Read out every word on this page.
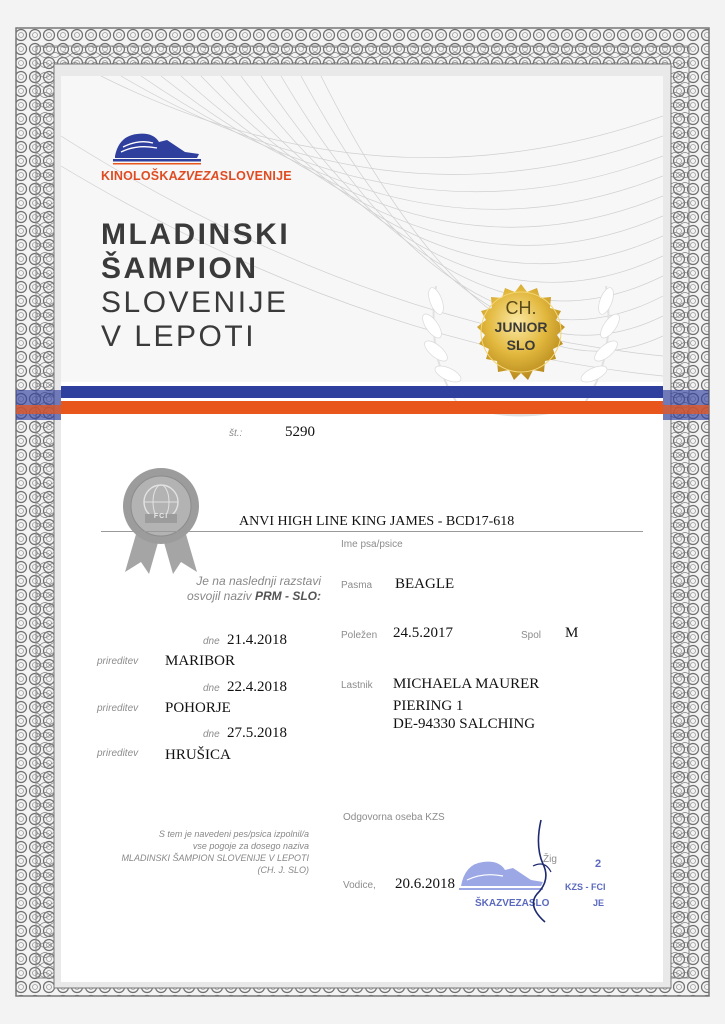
KINOLOŠKAZVEZASLOVENIJE
MLADINSKI
ŠAMPION
SLOVENIJE
V LEPOTI
CH.
JUNIOR
SLO
št.:	5290
FCI	ANVI HIGH LINE KING JAMES - BCD17-618
Ime psa/psice
Je na naslednji razstavi
osvojil naziv PRM - SLO:
Pasma BEAGLE
Poležen 24.5.2017	Spol M
dne 21.4.2018
prireditev MARIBOR
dne 22.4.2018
prireditev POHORJE
dne 27.5.2018
prireditev HRUŠICA
Lastnik MICHAELA MAURER
PIERING 1
DE-94330 SALCHING
S tem je navedeni pes/psica izpolnil/a
vse pogoje za dosego naziva
MLADINSKI ŠAMPION SLOVENIJE V LEPOTI
(CH. J. SLO)
Odgovorna oseba KZS
Žig
Vodice, 20.6.2018
ŠKAZVEZASLO
KZS - FCI
JE
2
